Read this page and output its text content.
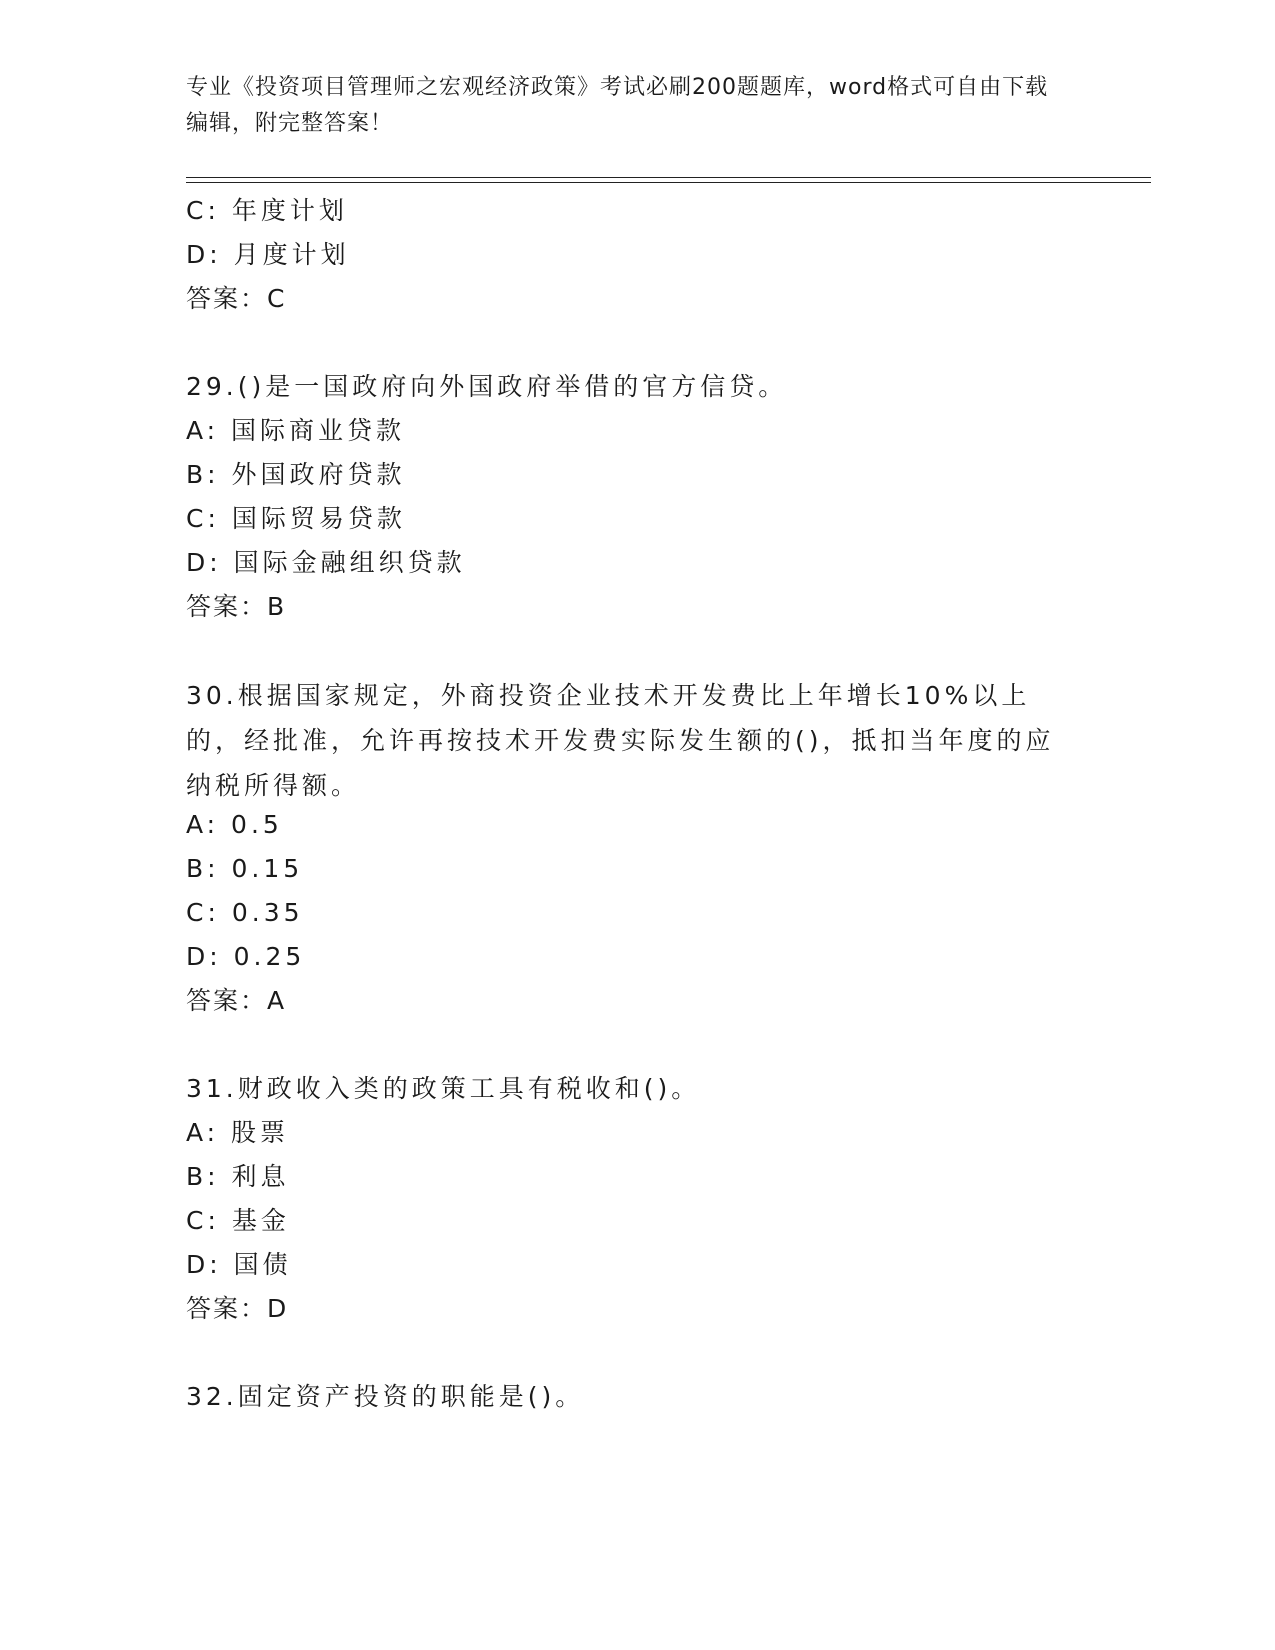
专业《投资项目管理师之宏观经济政策》考试必刷200题题库，word格式可自由下载编辑，附完整答案！
C: 年度计划
D: 月度计划
答案：C
29.()是一国政府向外国政府举借的官方信贷。
A: 国际商业贷款
B: 外国政府贷款
C: 国际贸易贷款
D: 国际金融组织贷款
答案：B
30.根据国家规定，外商投资企业技术开发费比上年增长10%以上的，经批准，允许再按技术开发费实际发生额的()，抵扣当年度的应纳税所得额。
A: 0.5
B: 0.15
C: 0.35
D: 0.25
答案：A
31.财政收入类的政策工具有税收和()。
A: 股票
B: 利息
C: 基金
D: 国债
答案：D
32.固定资产投资的职能是()。
